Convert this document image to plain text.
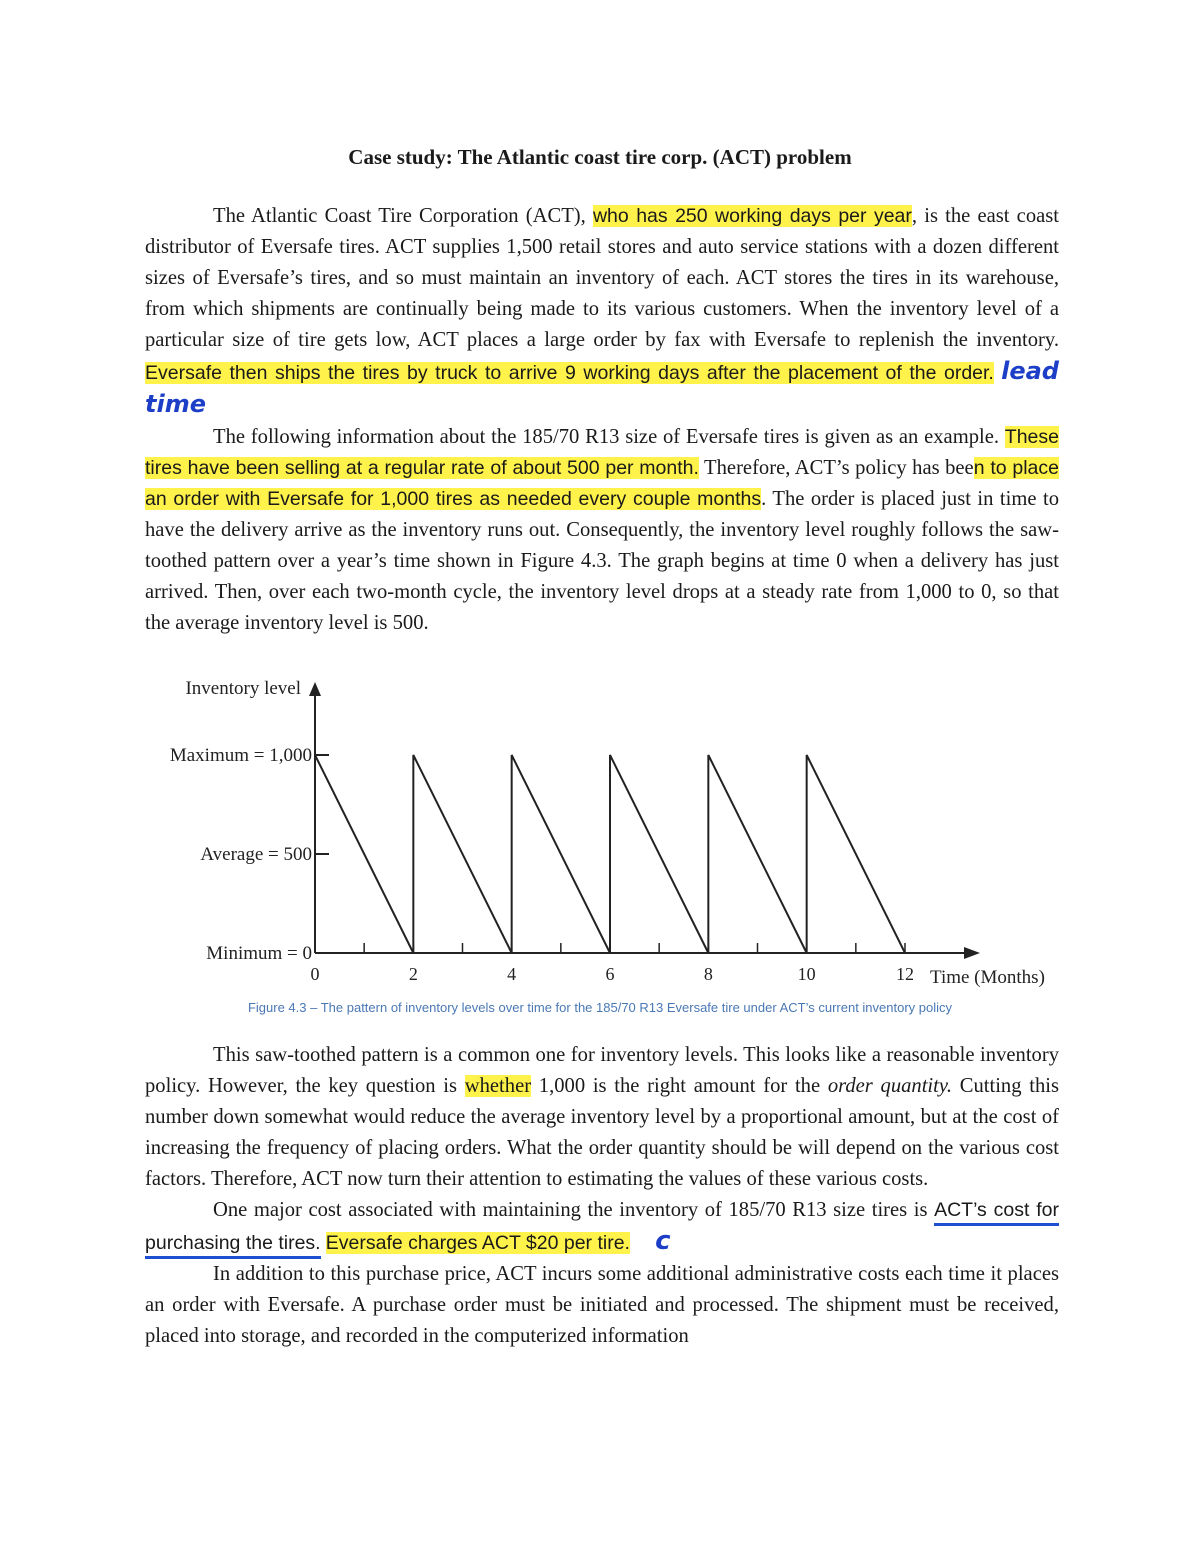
Case study: The Atlantic coast tire corp. (ACT) problem

The Atlantic Coast Tire Corporation (ACT), who has 250 working days per year, is the east coast distributor of Eversafe tires. ACT supplies 1,500 retail stores and auto service stations with a dozen different sizes of Eversafe’s tires, and so must maintain an inventory of each. ACT stores the tires in its warehouse, from which shipments are continually being made to its various customers. When the inventory level of a particular size of tire gets low, ACT places a large order by fax with Eversafe to replenish the inventory. Eversafe then ships the tires by truck to arrive 9 working days after the placement of the order. lead time

The following information about the 185/70 R13 size of Eversafe tires is given as an example. These tires have been selling at a regular rate of about 500 per month. Therefore, ACT’s policy has been to place an order with Eversafe for 1,000 tires as needed every couple months. The order is placed just in time to have the delivery arrive as the inventory runs out. Consequently, the inventory level roughly follows the saw-toothed pattern over a year’s time shown in Figure 4.3. The graph begins at time 0 when a delivery has just arrived. Then, over each two-month cycle, the inventory level drops at a steady rate from 1,000 to 0, so that the average inventory level is 500.

Inventory level
Time (Months)
Maximum = 1,000
Average = 500
Minimum = 0
0	2	4	6	8	10	12
Figure 4.3 – The pattern of inventory levels over time for the 185/70 R13 Eversafe tire under ACT’s current inventory policy

This saw-toothed pattern is a common one for inventory levels. This looks like a reasonable inventory policy. However, the key question is whether 1,000 is the right amount for the order quantity. Cutting this number down somewhat would reduce the average inventory level by a proportional amount, but at the cost of increasing the frequency of placing orders. What the order quantity should be will depend on the various cost factors. Therefore, ACT now turn their attention to estimating the values of these various costs.

One major cost associated with maintaining the inventory of 185/70 R13 size tires is ACT’s cost for purchasing the tires. Eversafe charges ACT $20 per tire. c

In addition to this purchase price, ACT incurs some additional administrative costs each time it places an order with Eversafe. A purchase order must be initiated and processed. The shipment must be received, placed into storage, and recorded in the computerized information
